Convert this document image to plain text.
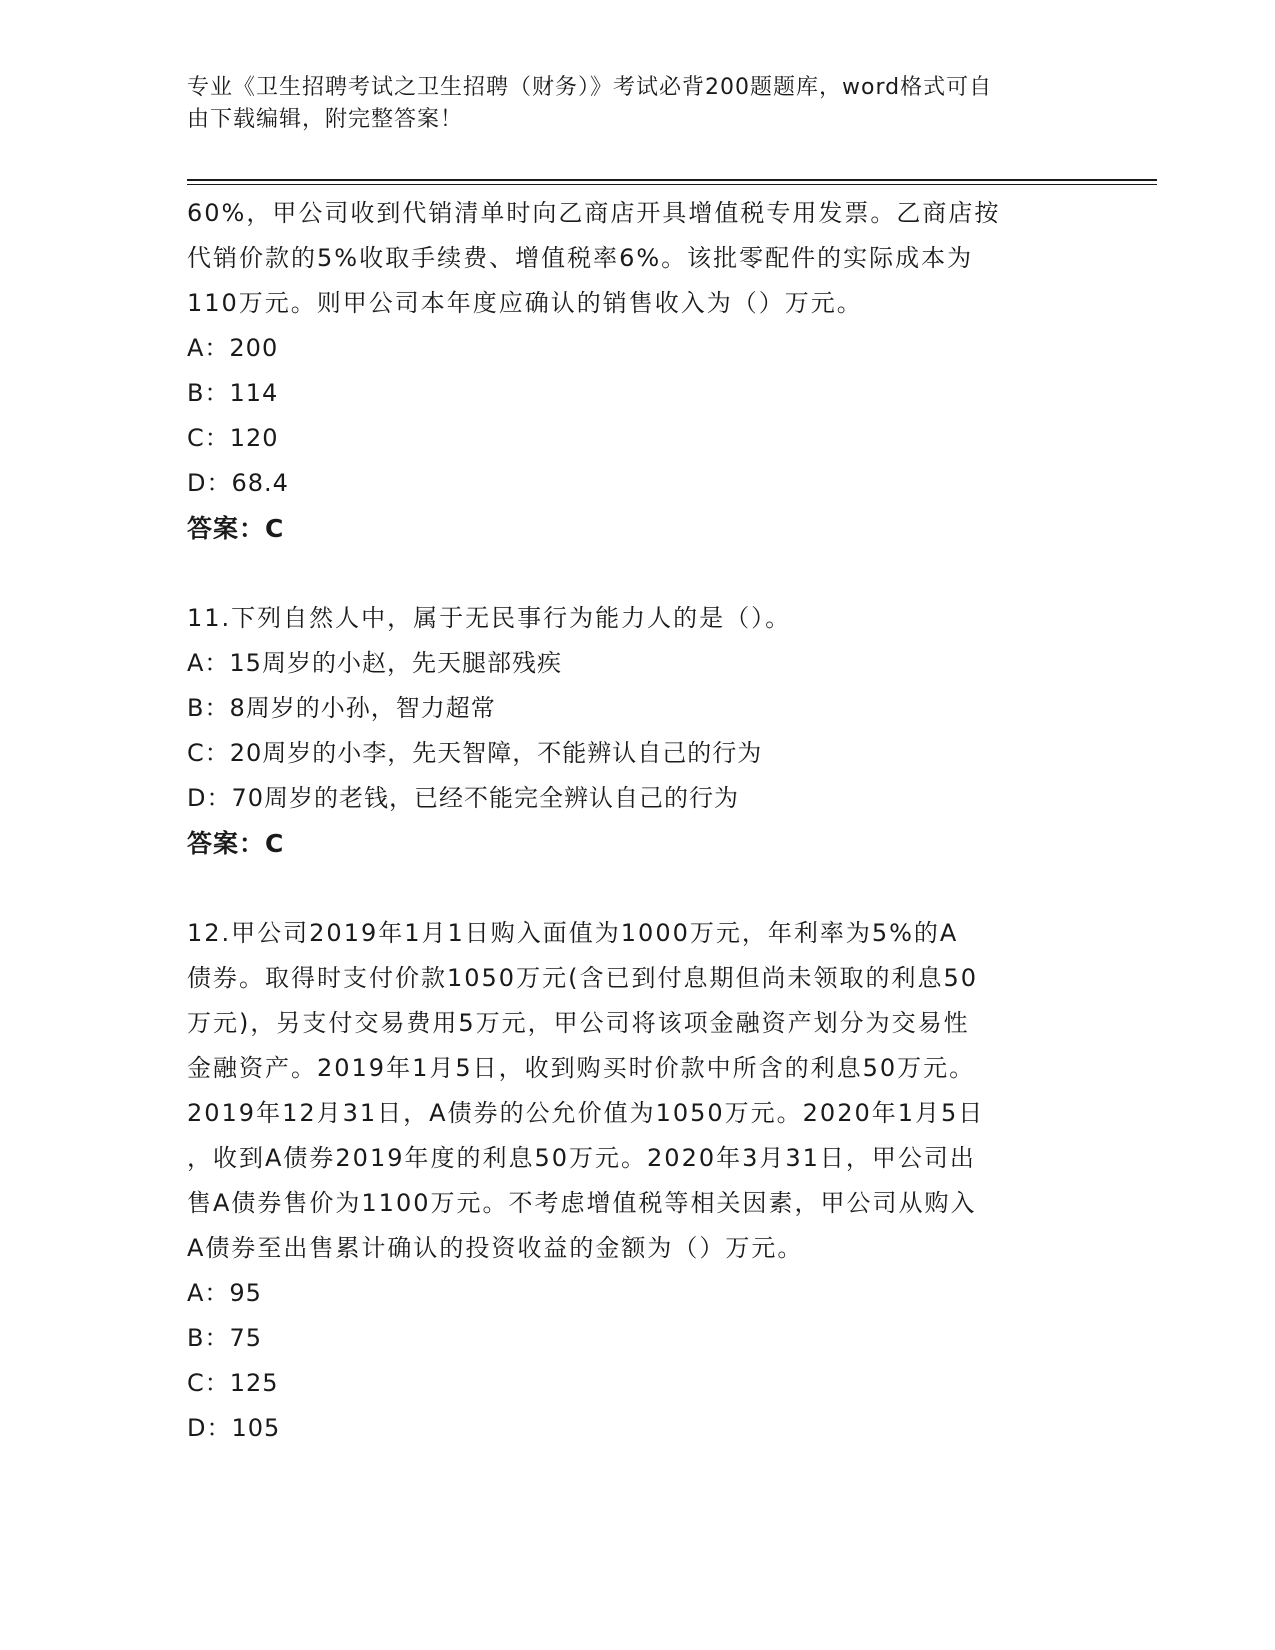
专业《卫生招聘考试之卫生招聘（财务）》考试必背200题题库，word格式可自
由下载编辑，附完整答案！
60%，甲公司收到代销清单时向乙商店开具增值税专用发票。乙商店按
代销价款的5%收取手续费、增值税率6%。该批零配件的实际成本为
110万元。则甲公司本年度应确认的销售收入为（）万元。
A：200
B：114
C：120
D：68.4
答案：C
11.下列自然人中，属于无民事行为能力人的是（）。
A：15周岁的小赵，先天腿部残疾
B：8周岁的小孙，智力超常
C：20周岁的小李，先天智障，不能辨认自己的行为
D：70周岁的老钱，已经不能完全辨认自己的行为
答案：C
12.甲公司2019年1月1日购入面值为1000万元，年利率为5%的A
债券。取得时支付价款1050万元(含已到付息期但尚未领取的利息50
万元)，另支付交易费用5万元，甲公司将该项金融资产划分为交易性
金融资产。2019年1月5日，收到购买时价款中所含的利息50万元。
2019年12月31日，A债券的公允价值为1050万元。2020年1月5日
，收到A债券2019年度的利息50万元。2020年3月31日，甲公司出
售A债券售价为1100万元。不考虑增值税等相关因素，甲公司从购入
A债券至出售累计确认的投资收益的金额为（）万元。
A：95
B：75
C：125
D：105
